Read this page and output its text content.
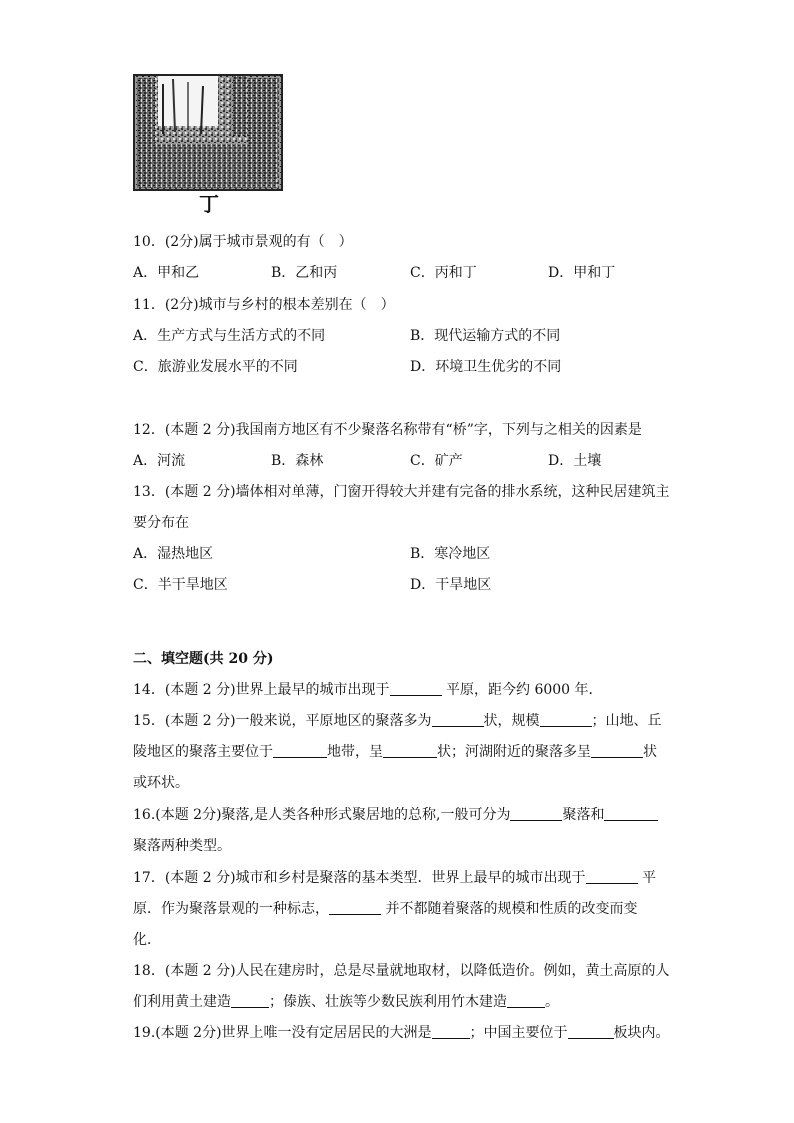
丁
10．(2分)属于城市景观的有（　）
A．甲和乙	B．乙和丙	C．丙和丁	D．甲和丁
11．(2分)城市与乡村的根本差别在（　）
A．生产方式与生活方式的不同	B．现代运输方式的不同
C．旅游业发展水平的不同	D．环境卫生优劣的不同
12．(本题 2 分)我国南方地区有不少聚落名称带有“桥”字，下列与之相关的因素是
A．河流	B．森林	C．矿产	D．土壤
13．(本题 2 分)墙体相对单薄，门窗开得较大并建有完备的排水系统，这种民居建筑主
要分布在
A．湿热地区	B．寒冷地区
C．半干旱地区	D．干旱地区
二、填空题(共 20 分)
14．(本题 2 分)世界上最早的城市出现于	平原，距今约 6000 年．
15．(本题 2 分)一般来说，平原地区的聚落多为	状，规模	；山地、丘
陵地区的聚落主要位于	地带，呈	状；河湖附近的聚落多呈	状
或环状。
16.(本题 2分)聚落,是人类各种形式聚居地的总称,一般可分为	聚落和
聚落两种类型。
17．(本题 2 分)城市和乡村是聚落的基本类型．世界上最早的城市出现于	平
原．作为聚落景观的一种标志，	并不都随着聚落的规模和性质的改变而变
化．
18．(本题 2 分)人民在建房时，总是尽量就地取材，以降低造价。例如，黄土高原的人
们利用黄土建造	；傣族、壮族等少数民族利用竹木建造	。
19.(本题 2分)世界上唯一没有定居居民的大洲是	；中国主要位于	板块内。
